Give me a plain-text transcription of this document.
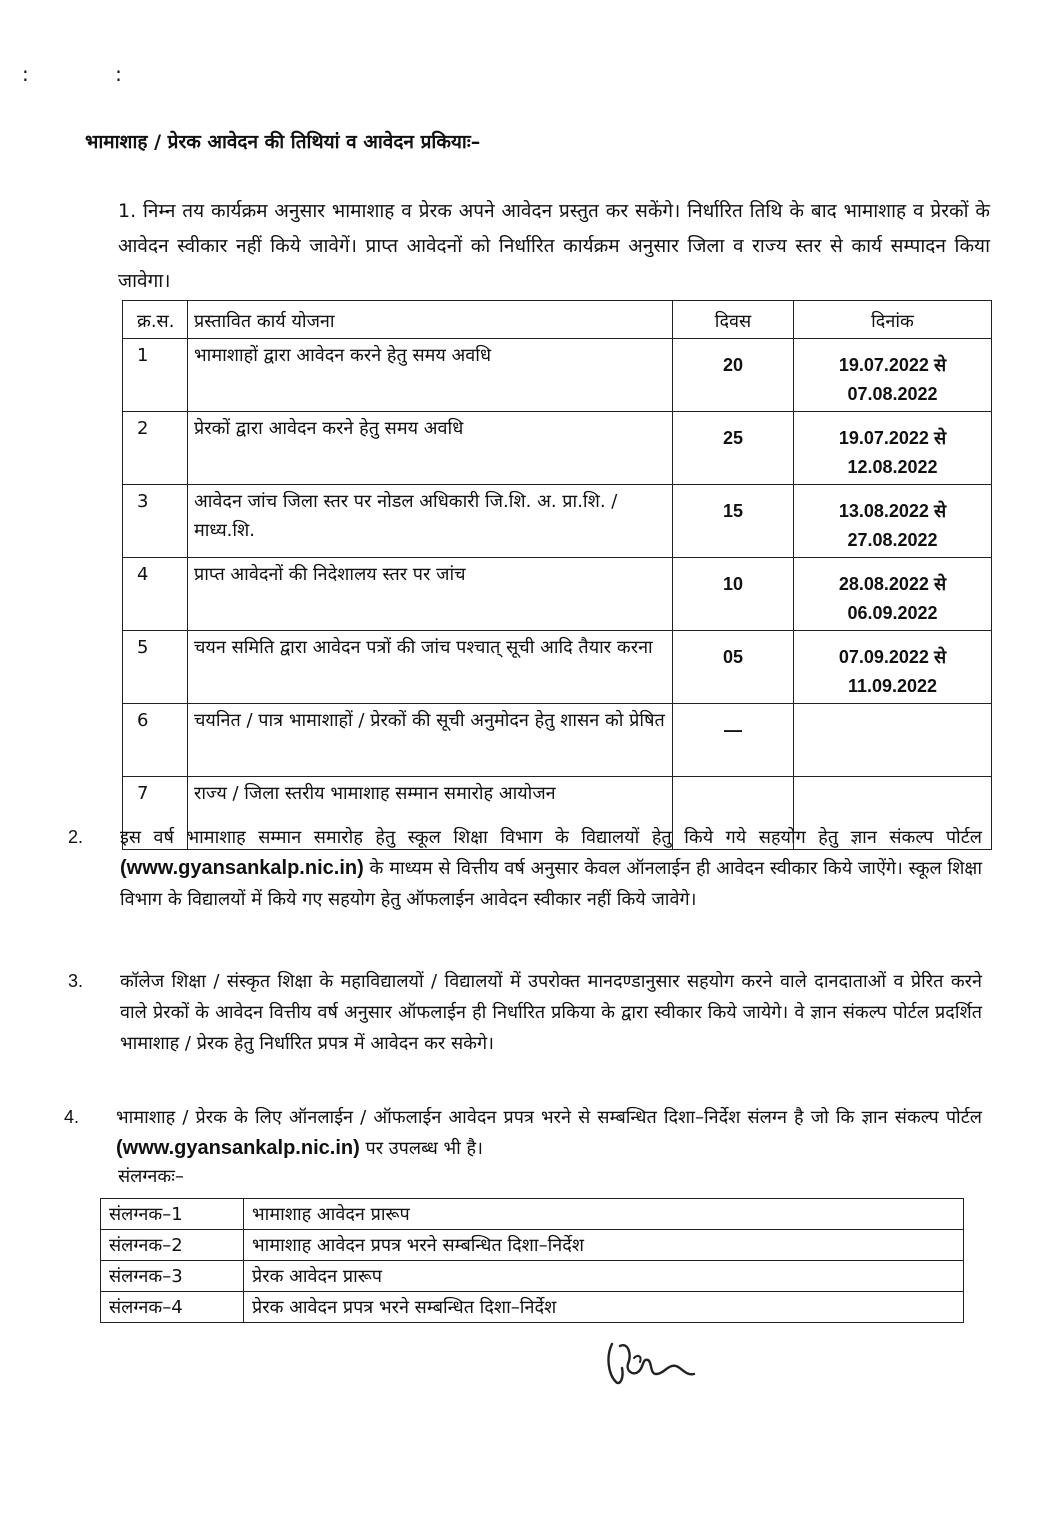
: :
भामाशाह / प्रेरक आवेदन की तिथियां व आवेदन प्रकियाः–
1. निम्न तय कार्यक्रम अनुसार भामाशाह व प्रेरक अपने आवेदन प्रस्तुत कर सकेंगे। निर्धारित तिथि के बाद भामाशाह व प्रेरकों के आवेदन स्वीकार नहीं किये जावेगें। प्राप्त आवेदनों को निर्धारित कार्यक्रम अनुसार जिला व राज्य स्तर से कार्य सम्पादन किया जावेगा।
क्र.स.	प्रस्तावित कार्य योजना	दिवस	दिनांक
1	भामाशाहों द्वारा आवेदन करने हेतु समय अवधि	20	19.07.2022 से
07.08.2022

2	प्रेरकों द्वारा आवेदन करने हेतु समय अवधि	25	19.07.2022 से
12.08.2022

3	आवेदन जांच जिला स्तर पर नोडल अधिकारी जि.शि. अ. प्रा.शि. / माध्य.शि.	15	13.08.2022 से
27.08.2022

4	प्राप्त आवेदनों की निदेशालय स्तर पर जांच	10	28.08.2022 से
06.09.2022

5	चयन समिति द्वारा आवेदन पत्रों की जांच पश्चात् सूची आदि तैयार करना	05	07.09.2022 से
11.09.2022

6	चयनित / पात्र भामाशाहों / प्रेरकों की सूची अनुमोदन हेतु शासन को प्रेषित	—	

7	राज्य / जिला स्तरीय भामाशाह सम्मान समारोह आयोजन		
2. इस वर्ष भामाशाह सम्मान समारोह हेतु स्कूल शिक्षा विभाग के विद्यालयों हेतु किये गये सहयोग हेतु ज्ञान संकल्प पोर्टल (www.gyansankalp.nic.in) के माध्यम से वित्तीय वर्ष अनुसार केवल ऑनलाईन ही आवेदन स्वीकार किये जाऐंगे। स्कूल शिक्षा विभाग के विद्यालयों में किये गए सहयोग हेतु ऑफलाईन आवेदन स्वीकार नहीं किये जावेगे।
3. कॉलेज शिक्षा / संस्कृत शिक्षा के महाविद्यालयों / विद्यालयों में उपरोक्त मानदण्डानुसार सहयोग करने वाले दानदाताओं व प्रेरित करने वाले प्रेरकों के आवेदन वित्तीय वर्ष अनुसार ऑफलाईन ही निर्धारित प्रकिया के द्वारा स्वीकार किये जायेगे। वे ज्ञान संकल्प पोर्टल प्रदर्शित भामाशाह / प्रेरक हेतु निर्धारित प्रपत्र में आवेदन कर सकेगे।
4. भामाशाह / प्रेरक के लिए ऑनलाईन / ऑफलाईन आवेदन प्रपत्र भरने से सम्बन्धित दिशा–निर्देश संलग्न है जो कि ज्ञान संकल्प पोर्टल (www.gyansankalp.nic.in) पर उपलब्ध भी है।
संलग्नकः–
संलग्नक–1	भामाशाह आवेदन प्रारूप
संलग्नक–2	भामाशाह आवेदन प्रपत्र भरने सम्बन्धित दिशा–निर्देश
संलग्नक–3	प्रेरक आवेदन प्रारूप
संलग्नक–4	प्रेरक आवेदन प्रपत्र भरने सम्बन्धित दिशा–निर्देश
